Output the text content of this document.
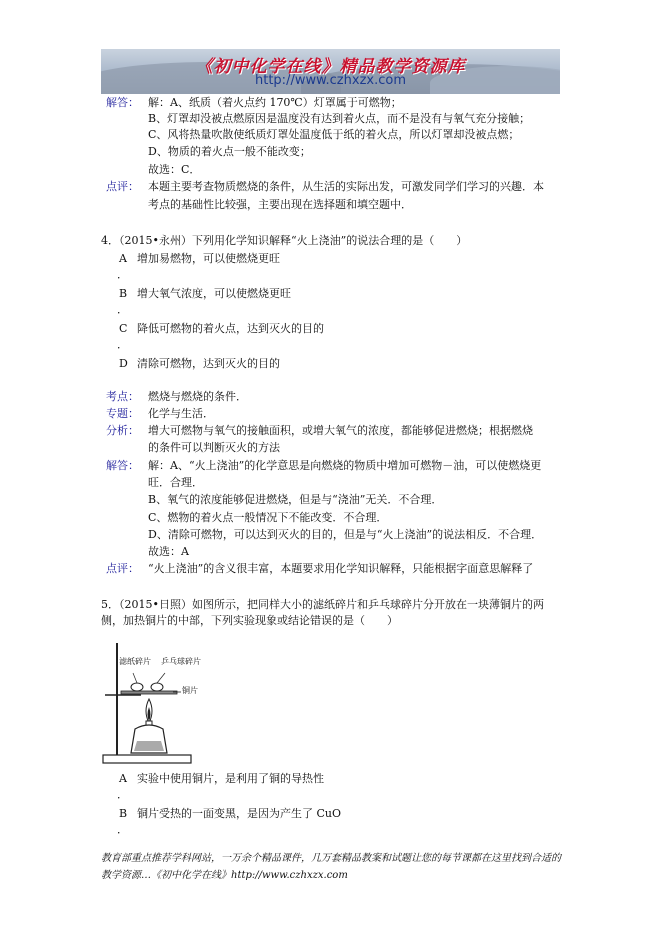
《初中化学在线》精品教学资源库
http://www.czhxzx.com
解答： 解：A、纸质（着火点约 170℃）灯罩属于可燃物；
B、灯罩却没被点燃原因是温度没有达到着火点，而不是没有与氧气充分接触；
C、风将热量吹散使纸质灯罩处温度低于纸的着火点，所以灯罩却没被点燃；
D、物质的着火点一般不能改变；
故选：C．
点评： 本题主要考查物质燃烧的条件，从生活的实际出发，可激发同学们学习的兴趣．本
考点的基础性比较强，主要出现在选择题和填空题中．
4．（2015•永州）下列用化学知识解释“火上浇油”的说法合理的是（　　）
A 增加易燃物，可以使燃烧更旺
．
B 增大氧气浓度，可以使燃烧更旺
．
C 降低可燃物的着火点，达到灭火的目的
．
D 清除可燃物，达到灭火的目的
考点： 燃烧与燃烧的条件．
专题： 化学与生活．
分析： 增大可燃物与氧气的接触面积，或增大氧气的浓度，都能够促进燃烧；根据燃烧
的条件可以判断灭火的方法
解答： 解：A、“火上浇油”的化学意思是向燃烧的物质中增加可燃物－油，可以使燃烧更
旺．合理．
B、氧气的浓度能够促进燃烧，但是与“浇油”无关．不合理．
C、燃物的着火点一般情况下不能改变．不合理．
D、清除可燃物，可以达到灭火的目的，但是与“火上浇油”的说法相反．不合理．
故选：A
点评： “火上浇油”的含义很丰富，本题要求用化学知识解释，只能根据字面意思解释了
5．（2015•日照）如图所示，把同样大小的滤纸碎片和乒乓球碎片分开放在一块薄铜片的两
侧，加热铜片的中部，下列实验现象或结论错误的是（　　）
滤纸碎片 乒乓球碎片
铜片
A 实验中使用铜片，是利用了铜的导热性
．
B 铜片受热的一面变黑，是因为产生了 CuO
．
教育部重点推荐学科网站，一万余个精品课件，几万套精品教案和试题让您的每节课都在这里找到合适的
教学资源…《初中化学在线》http://www.czhxzx.com
